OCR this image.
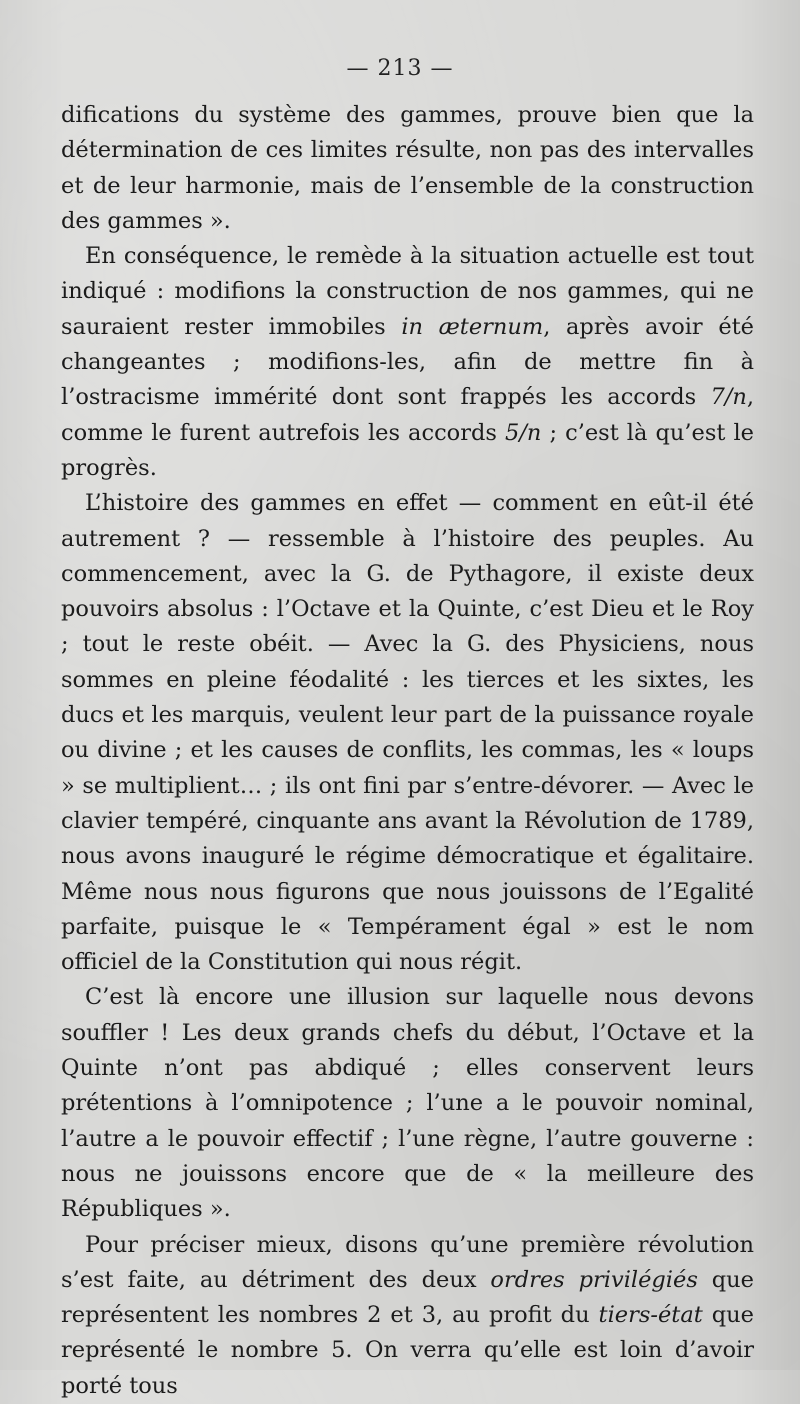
— 213 —

difications du système des gammes, prouve bien que la détermination de ces limites résulte, non pas des intervalles et de leur harmonie, mais de l’ensemble de la construction des gammes ».

En conséquence, le remède à la situation actuelle est tout indiqué : modifions la construction de nos gammes, qui ne sauraient rester immobiles in æternum, après avoir été changeantes ; modifions-les, afin de mettre fin à l’ostracisme immérité dont sont frappés les accords 7/n, comme le furent autrefois les accords 5/n ; c’est là qu’est le progrès.

L’histoire des gammes en effet — comment en eût-il été autrement ? — ressemble à l’histoire des peuples. Au commencement, avec la G. de Pythagore, il existe deux pouvoirs absolus : l’Octave et la Quinte, c’est Dieu et le Roy ; tout le reste obéit. — Avec la G. des Physiciens, nous sommes en pleine féodalité : les tierces et les sixtes, les ducs et les marquis, veulent leur part de la puissance royale ou divine ; et les causes de conflits, les commas, les « loups » se multiplient… ; ils ont fini par s’entre-dévorer. — Avec le clavier tempéré, cinquante ans avant la Révolution de 1789, nous avons inauguré le régime démocratique et égalitaire. Même nous nous figurons que nous jouissons de l’Egalité parfaite, puisque le « Tempérament égal » est le nom officiel de la Constitution qui nous régit.

C’est là encore une illusion sur laquelle nous devons souffler ! Les deux grands chefs du début, l’Octave et la Quinte n’ont pas abdiqué ; elles conservent leurs prétentions à l’omnipotence ; l’une a le pouvoir nominal, l’autre a le pouvoir effectif ; l’une règne, l’autre gouverne : nous ne jouissons encore que de « la meilleure des Républiques ».

Pour préciser mieux, disons qu’une première révolution s’est faite, au détriment des deux ordres privilégiés que représentent les nombres 2 et 3, au profit du tiers-état que représenté le nombre 5. On verra qu’elle est loin d’avoir porté tous
